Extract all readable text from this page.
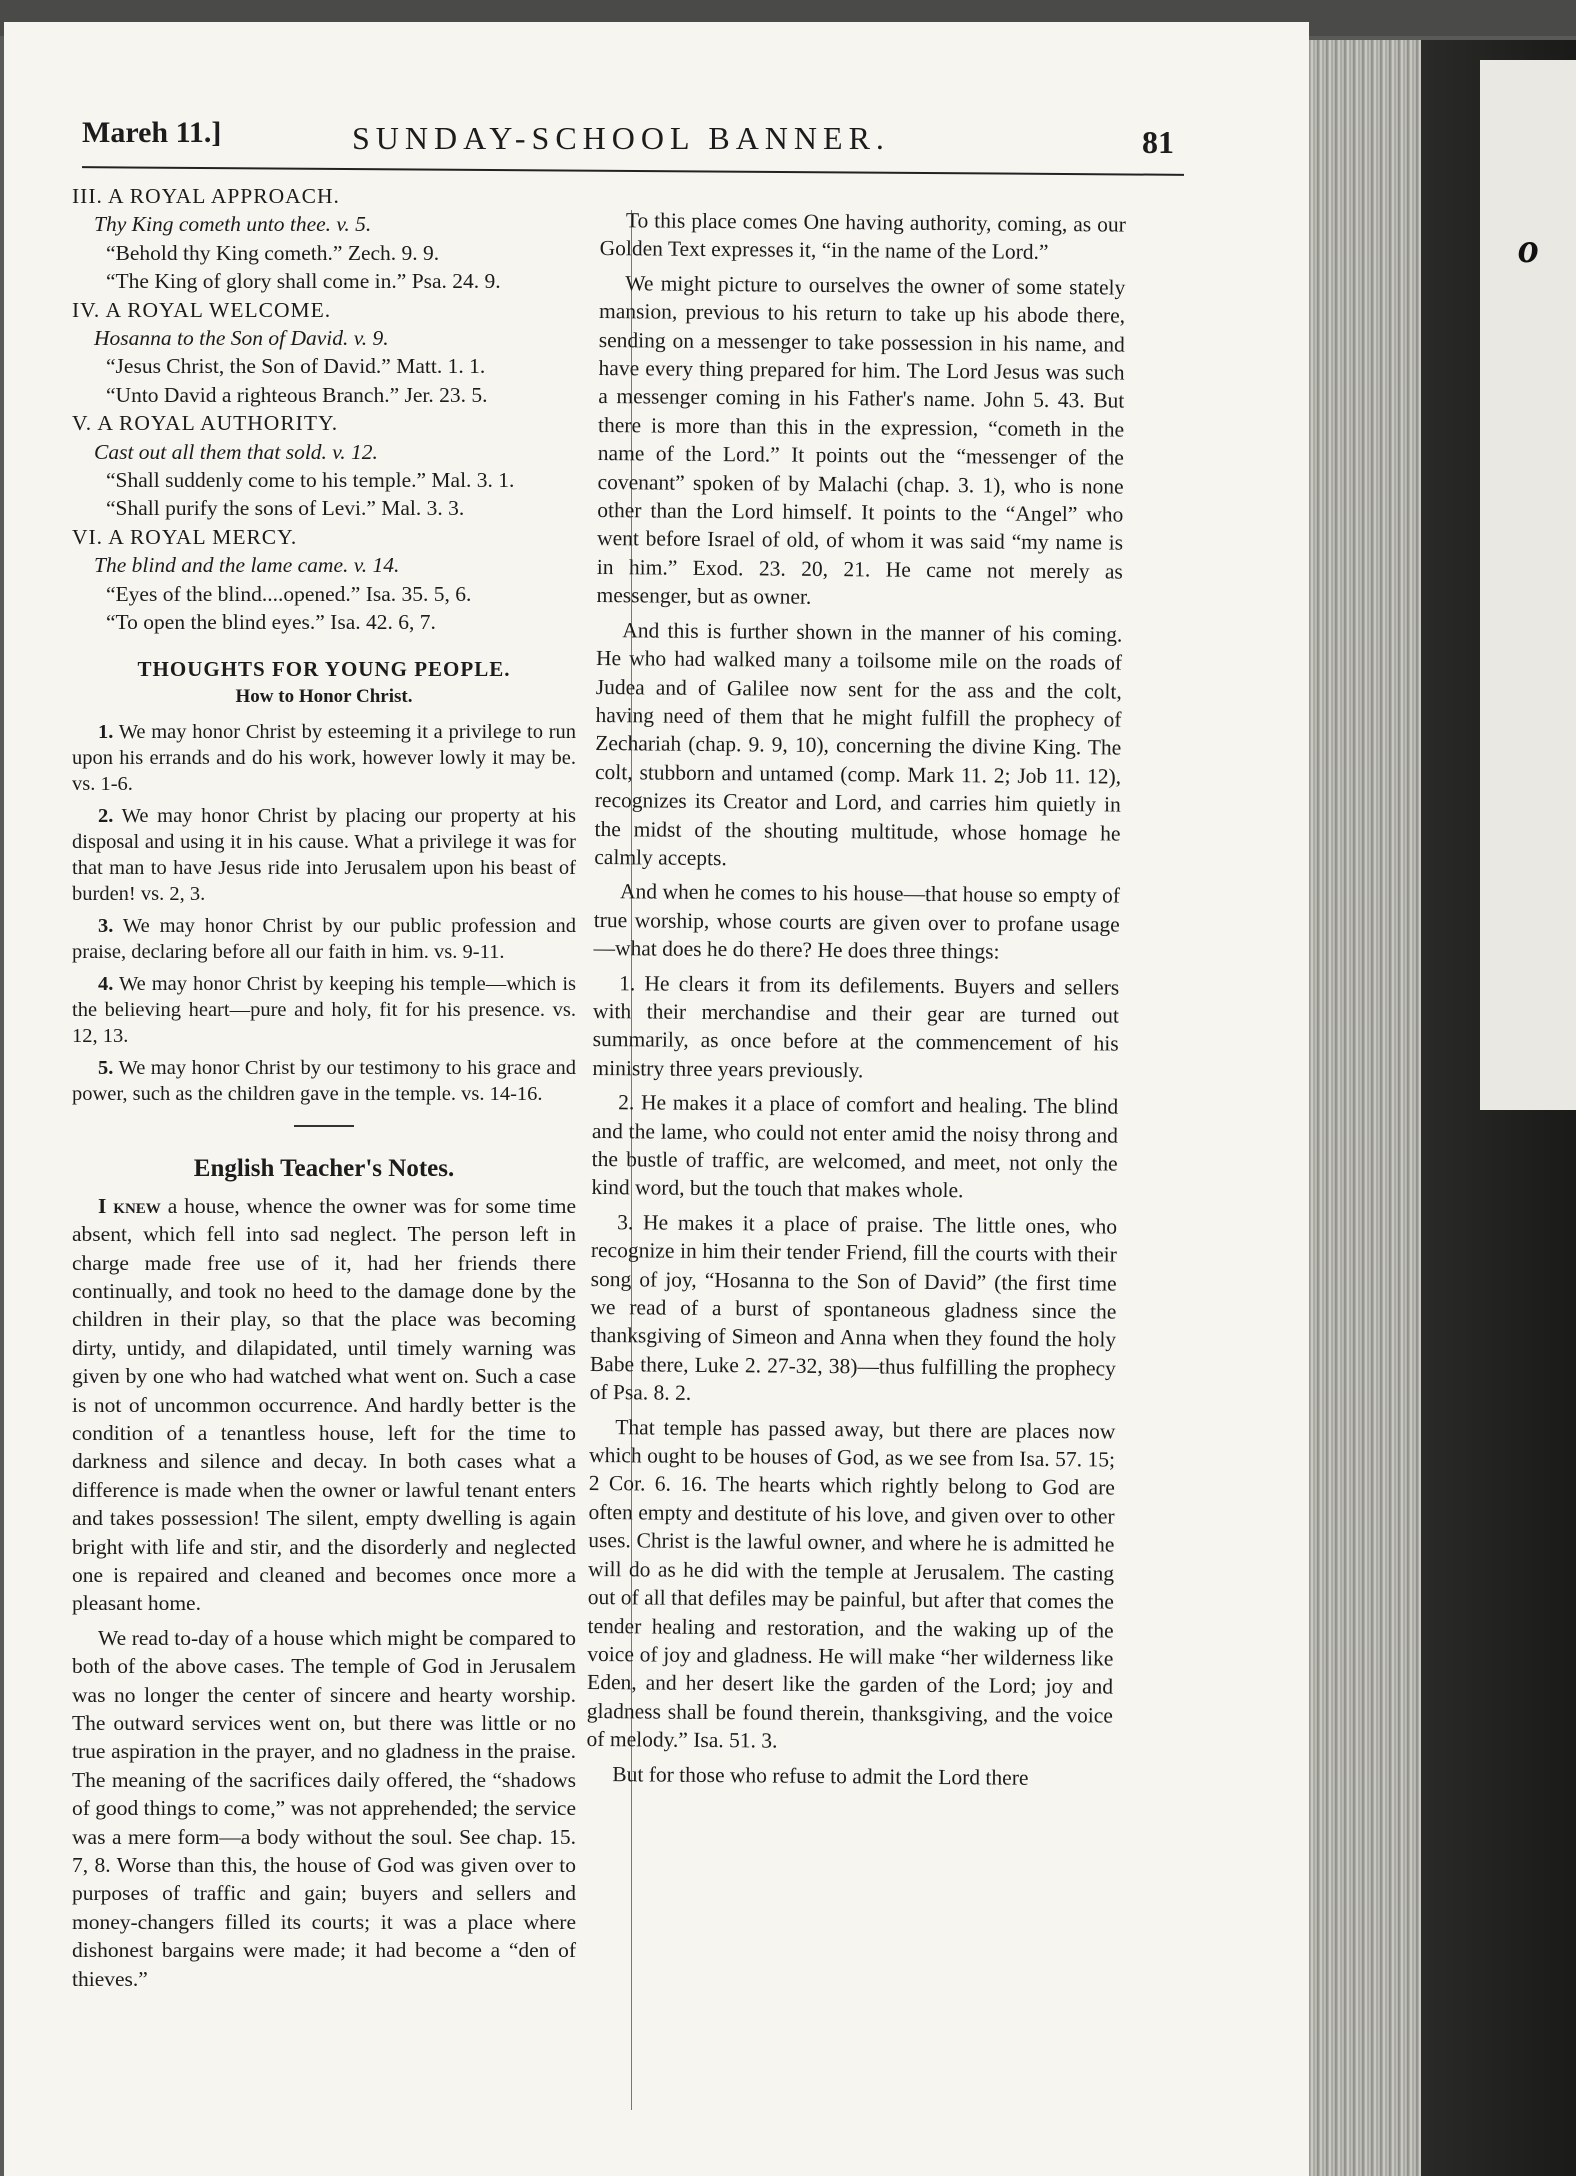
o
Mareh 11.]	SUNDAY-SCHOOL BANNER.	81
III. A ROYAL APPROACH.
Thy King cometh unto thee. v. 5.
“Behold thy King cometh.” Zech. 9. 9.
“The King of glory shall come in.” Psa. 24. 9.
IV. A ROYAL WELCOME.
Hosanna to the Son of David. v. 9.
“Jesus Christ, the Son of David.” Matt. 1. 1.
“Unto David a righteous Branch.” Jer. 23. 5.
V. A ROYAL AUTHORITY.
Cast out all them that sold. v. 12.
“Shall suddenly come to his temple.” Mal. 3. 1.
“Shall purify the sons of Levi.” Mal. 3. 3.
VI. A ROYAL MERCY.
The blind and the lame came. v. 14.
“Eyes of the blind....opened.” Isa. 35. 5, 6.
“To open the blind eyes.” Isa. 42. 6, 7.
THOUGHTS FOR YOUNG PEOPLE.
How to Honor Christ.

1. We may honor Christ by esteeming it a privilege to run upon his errands and do his work, however lowly it may be. vs. 1-6.

2. We may honor Christ by placing our property at his disposal and using it in his cause. What a privilege it was for that man to have Jesus ride into Jerusalem upon his beast of burden! vs. 2, 3.

3. We may honor Christ by our public profession and praise, declaring before all our faith in him. vs. 9-11.

4. We may honor Christ by keeping his temple—which is the believing heart—pure and holy, fit for his presence. vs. 12, 13.

5. We may honor Christ by our testimony to his grace and power, such as the children gave in the temple. vs. 14-16.

English Teacher's Notes.

I knew a house, whence the owner was for some time absent, which fell into sad neglect. The person left in charge made free use of it, had her friends there continually, and took no heed to the damage done by the children in their play, so that the place was becoming dirty, untidy, and dilapidated, until timely warning was given by one who had watched what went on. Such a case is not of uncommon occurrence. And hardly better is the condition of a tenantless house, left for the time to darkness and silence and decay. In both cases what a difference is made when the owner or lawful tenant enters and takes possession! The silent, empty dwelling is again bright with life and stir, and the disorderly and neglected one is repaired and cleaned and becomes once more a pleasant home.

We read to-day of a house which might be compared to both of the above cases. The temple of God in Jerusalem was no longer the center of sincere and hearty worship. The outward services went on, but there was little or no true aspiration in the prayer, and no gladness in the praise. The meaning of the sacrifices daily offered, the “shadows of good things to come,” was not apprehended; the service was a mere form—a body without the soul. See chap. 15. 7, 8. Worse than this, the house of God was given over to purposes of traffic and gain; buyers and sellers and money-changers filled its courts; it was a place where dishonest bargains were made; it had become a “den of thieves.”

To this place comes One having authority, coming, as our Golden Text expresses it, “in the name of the Lord.”

We might picture to ourselves the owner of some stately mansion, previous to his return to take up his abode there, sending on a messenger to take possession in his name, and have every thing prepared for him. The Lord Jesus was such a messenger coming in his Father's name. John 5. 43. But there is more than this in the expression, “cometh in the name of the Lord.” It points out the “messenger of the covenant” spoken of by Malachi (chap. 3. 1), who is none other than the Lord himself. It points to the “Angel” who went before Israel of old, of whom it was said “my name is in him.” Exod. 23. 20, 21. He came not merely as messenger, but as owner.

And this is further shown in the manner of his coming. He who had walked many a toilsome mile on the roads of Judea and of Galilee now sent for the ass and the colt, having need of them that he might fulfill the prophecy of Zechariah (chap. 9. 9, 10), concerning the divine King. The colt, stubborn and untamed (comp. Mark 11. 2; Job 11. 12), recognizes its Creator and Lord, and carries him quietly in the midst of the shouting multitude, whose homage he calmly accepts.

And when he comes to his house—that house so empty of true worship, whose courts are given over to profane usage—what does he do there? He does three things:

1. He clears it from its defilements. Buyers and sellers with their merchandise and their gear are turned out summarily, as once before at the commencement of his ministry three years previously.

2. He makes it a place of comfort and healing. The blind and the lame, who could not enter amid the noisy throng and the bustle of traffic, are welcomed, and meet, not only the kind word, but the touch that makes whole.

3. He makes it a place of praise. The little ones, who recognize in him their tender Friend, fill the courts with their song of joy, “Hosanna to the Son of David” (the first time we read of a burst of spontaneous gladness since the thanksgiving of Simeon and Anna when they found the holy Babe there, Luke 2. 27-32, 38)—thus fulfilling the prophecy of Psa. 8. 2.

That temple has passed away, but there are places now which ought to be houses of God, as we see from Isa. 57. 15; 2 Cor. 6. 16. The hearts which rightly belong to God are often empty and destitute of his love, and given over to other uses. Christ is the lawful owner, and where he is admitted he will do as he did with the temple at Jerusalem. The casting out of all that defiles may be painful, but after that comes the tender healing and restoration, and the waking up of the voice of joy and gladness. He will make “her wilderness like Eden, and her desert like the garden of the Lord; joy and gladness shall be found therein, thanksgiving, and the voice of melody.” Isa. 51. 3.

But for those who refuse to admit the Lord there
